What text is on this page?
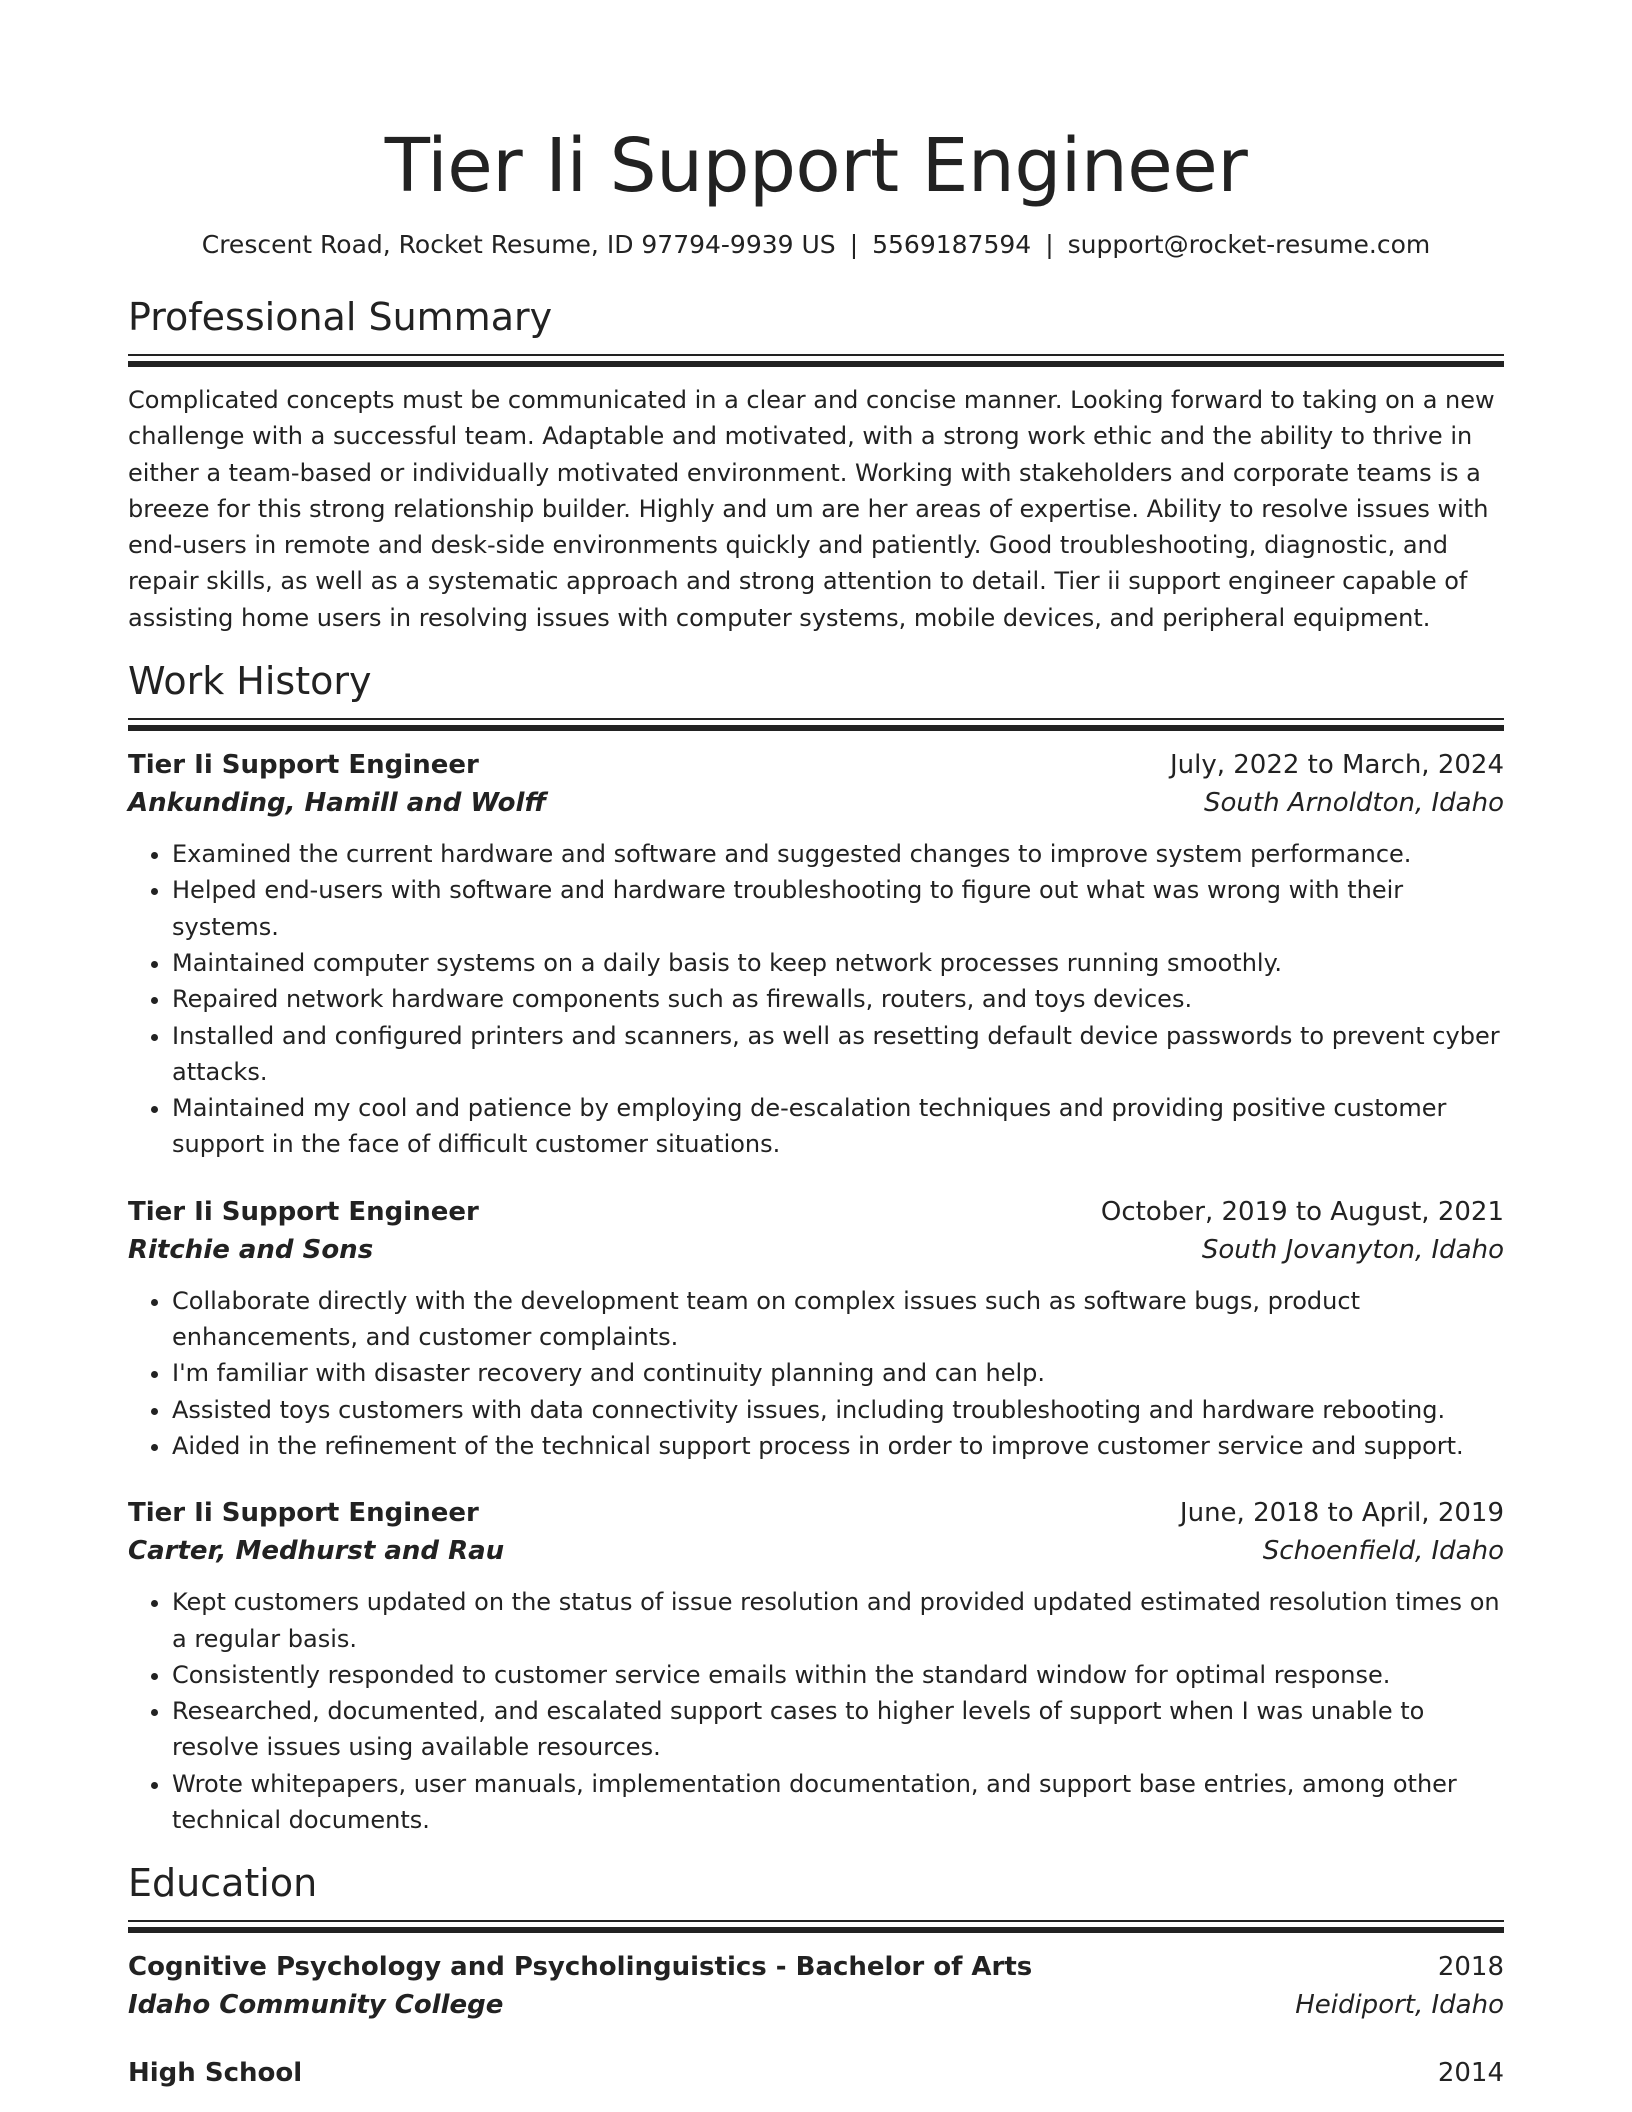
Tier Ii Support Engineer
Crescent Road, Rocket Resume, ID 97794-9939 US | 5569187594 | support@rocket-resume.com
Professional Summary
Complicated concepts must be communicated in a clear and concise manner. Looking forward to taking on a new challenge with a successful team. Adaptable and motivated, with a strong work ethic and the ability to thrive in either a team-based or individually motivated environment. Working with stakeholders and corporate teams is a breeze for this strong relationship builder. Highly and um are her areas of expertise. Ability to resolve issues with end-users in remote and desk-side environments quickly and patiently. Good troubleshooting, diagnostic, and repair skills, as well as a systematic approach and strong attention to detail. Tier ii support engineer capable of assisting home users in resolving issues with computer systems, mobile devices, and peripheral equipment.
Work History
Tier Ii Support Engineer	July, 2022 to March, 2024
Ankunding, Hamill and Wolff	South Arnoldton, Idaho
• Examined the current hardware and software and suggested changes to improve system performance.
• Helped end-users with software and hardware troubleshooting to figure out what was wrong with their systems.
• Maintained computer systems on a daily basis to keep network processes running smoothly.
• Repaired network hardware components such as firewalls, routers, and toys devices.
• Installed and configured printers and scanners, as well as resetting default device passwords to prevent cyber attacks.
• Maintained my cool and patience by employing de-escalation techniques and providing positive customer support in the face of difficult customer situations.
Tier Ii Support Engineer	October, 2019 to August, 2021
Ritchie and Sons	South Jovanyton, Idaho
• Collaborate directly with the development team on complex issues such as software bugs, product enhancements, and customer complaints.
• I'm familiar with disaster recovery and continuity planning and can help.
• Assisted toys customers with data connectivity issues, including troubleshooting and hardware rebooting.
• Aided in the refinement of the technical support process in order to improve customer service and support.
Tier Ii Support Engineer	June, 2018 to April, 2019
Carter, Medhurst and Rau	Schoenfield, Idaho
• Kept customers updated on the status of issue resolution and provided updated estimated resolution times on a regular basis.
• Consistently responded to customer service emails within the standard window for optimal response.
• Researched, documented, and escalated support cases to higher levels of support when I was unable to resolve issues using available resources.
• Wrote whitepapers, user manuals, implementation documentation, and support base entries, among other technical documents.
Education
Cognitive Psychology and Psycholinguistics - Bachelor of Arts	2018
Idaho Community College	Heidiport, Idaho
High School	2014
